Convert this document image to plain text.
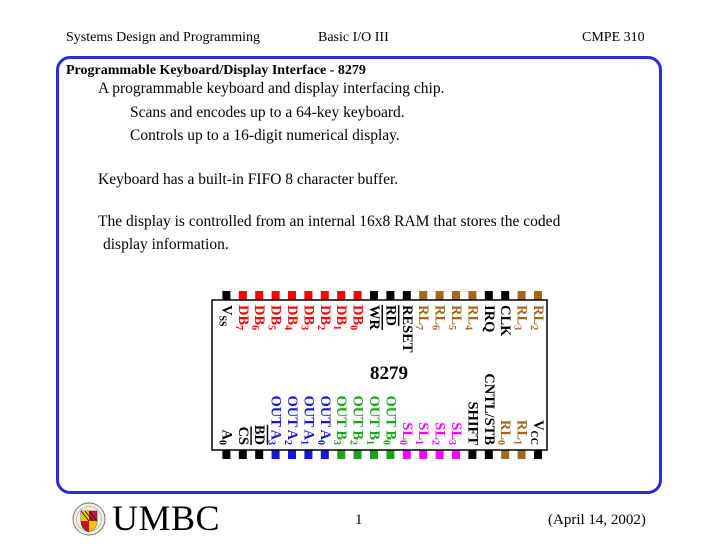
Systems Design and Programming	Basic I/O III	CMPE 310
Programmable Keyboard/Display Interface - 8279
A programmable keyboard and display interfacing chip.
Scans and encodes up to a 64-key keyboard.
Controls up to a 16-digit numerical display.
Keyboard has a built-in FIFO 8 character buffer.
The display is controlled from an internal 16x8 RAM that stores the coded
display information.
$RL_2$
$RL_3$
CLK
IRQ
$RL_4$
$RL_5$
$RL_6$
$RL_7$
RESET
RD
WR
$DB_0$
$DB_1$
$DB_2$
$DB_3$
$DB_4$
$DB_5$
$DB_6$
$DB_7$
$V_{SS}$
$V_{CC}$
$RL_1$
$RL_0$
CNTL/STB
SHIFT
$SL_3$
$SL_2$
$SL_1$
$SL_0$
OUT $B_0$
OUT $B_1$
OUT $B_2$
OUT $B_3$
OUT $A_0$
OUT $A_1$
OUT $A_2$
OUT $A_3$
BD
CS
$A_0$
8279
UMBC	1	(April 14, 2002)
